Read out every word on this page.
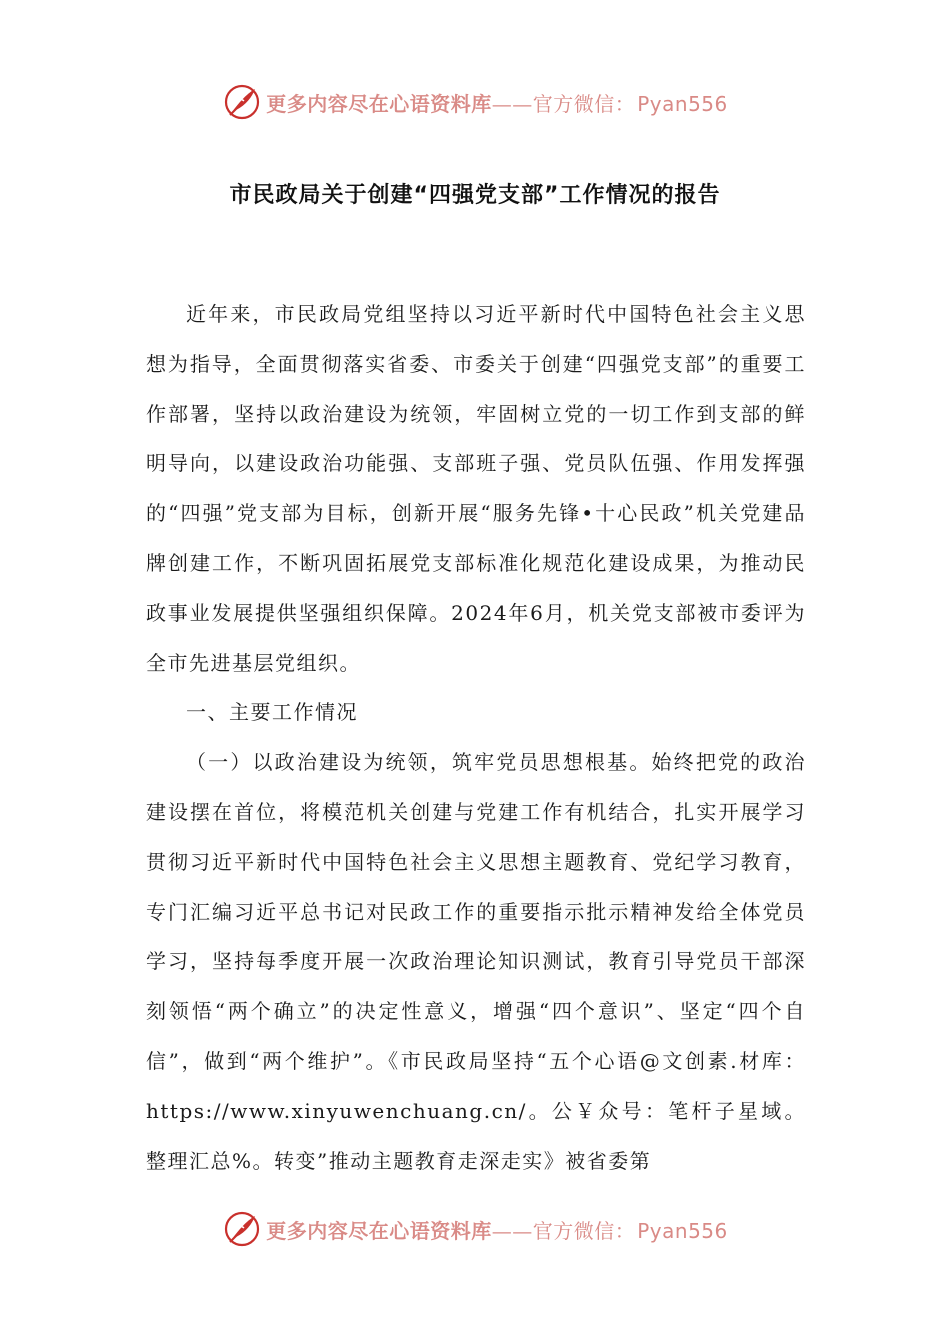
更多内容尽在心语资料库——官方微信： Pyan556
市民政局关于创建“四强党支部”工作情况的报告

近年来，市民政局党组坚持以习近平新时代中国特色社会主义思想为指导，全面贯彻落实省委、市委关于创建“四强党支部”的重要工作部署，坚持以政治建设为统领，牢固树立党的一切工作到支部的鲜明导向，以建设政治功能强、支部班子强、党员队伍强、作用发挥强的“四强”党支部为目标，创新开展“服务先锋•十心民政”机关党建品牌创建工作，不断巩固拓展党支部标准化规范化建设成果，为推动民政事业发展提供坚强组织保障。2024年6月，机关党支部被市委评为全市先进基层党组织。

一、主要工作情况

（一）以政治建设为统领，筑牢党员思想根基。始终把党的政治建设摆在首位，将模范机关创建与党建工作有机结合，扎实开展学习贯彻习近平新时代中国特色社会主义思想主题教育、党纪学习教育，专门汇编习近平总书记对民政工作的重要指示批示精神发给全体党员学习，坚持每季度开展一次政治理论知识测试，教育引导党员干部深刻领悟“两个确立”的决定性意义，增强“四个意识”、坚定“四个自信”，做到“两个维护”。《市民政局坚持“五个心语@文创素.材库：https://www.xinyuwenchuang.cn/。公￥众号：笔杆子星域。整理汇总%。转变”推动主题教育走深走实》被省委第

更多内容尽在心语资料库——官方微信： Pyan556
